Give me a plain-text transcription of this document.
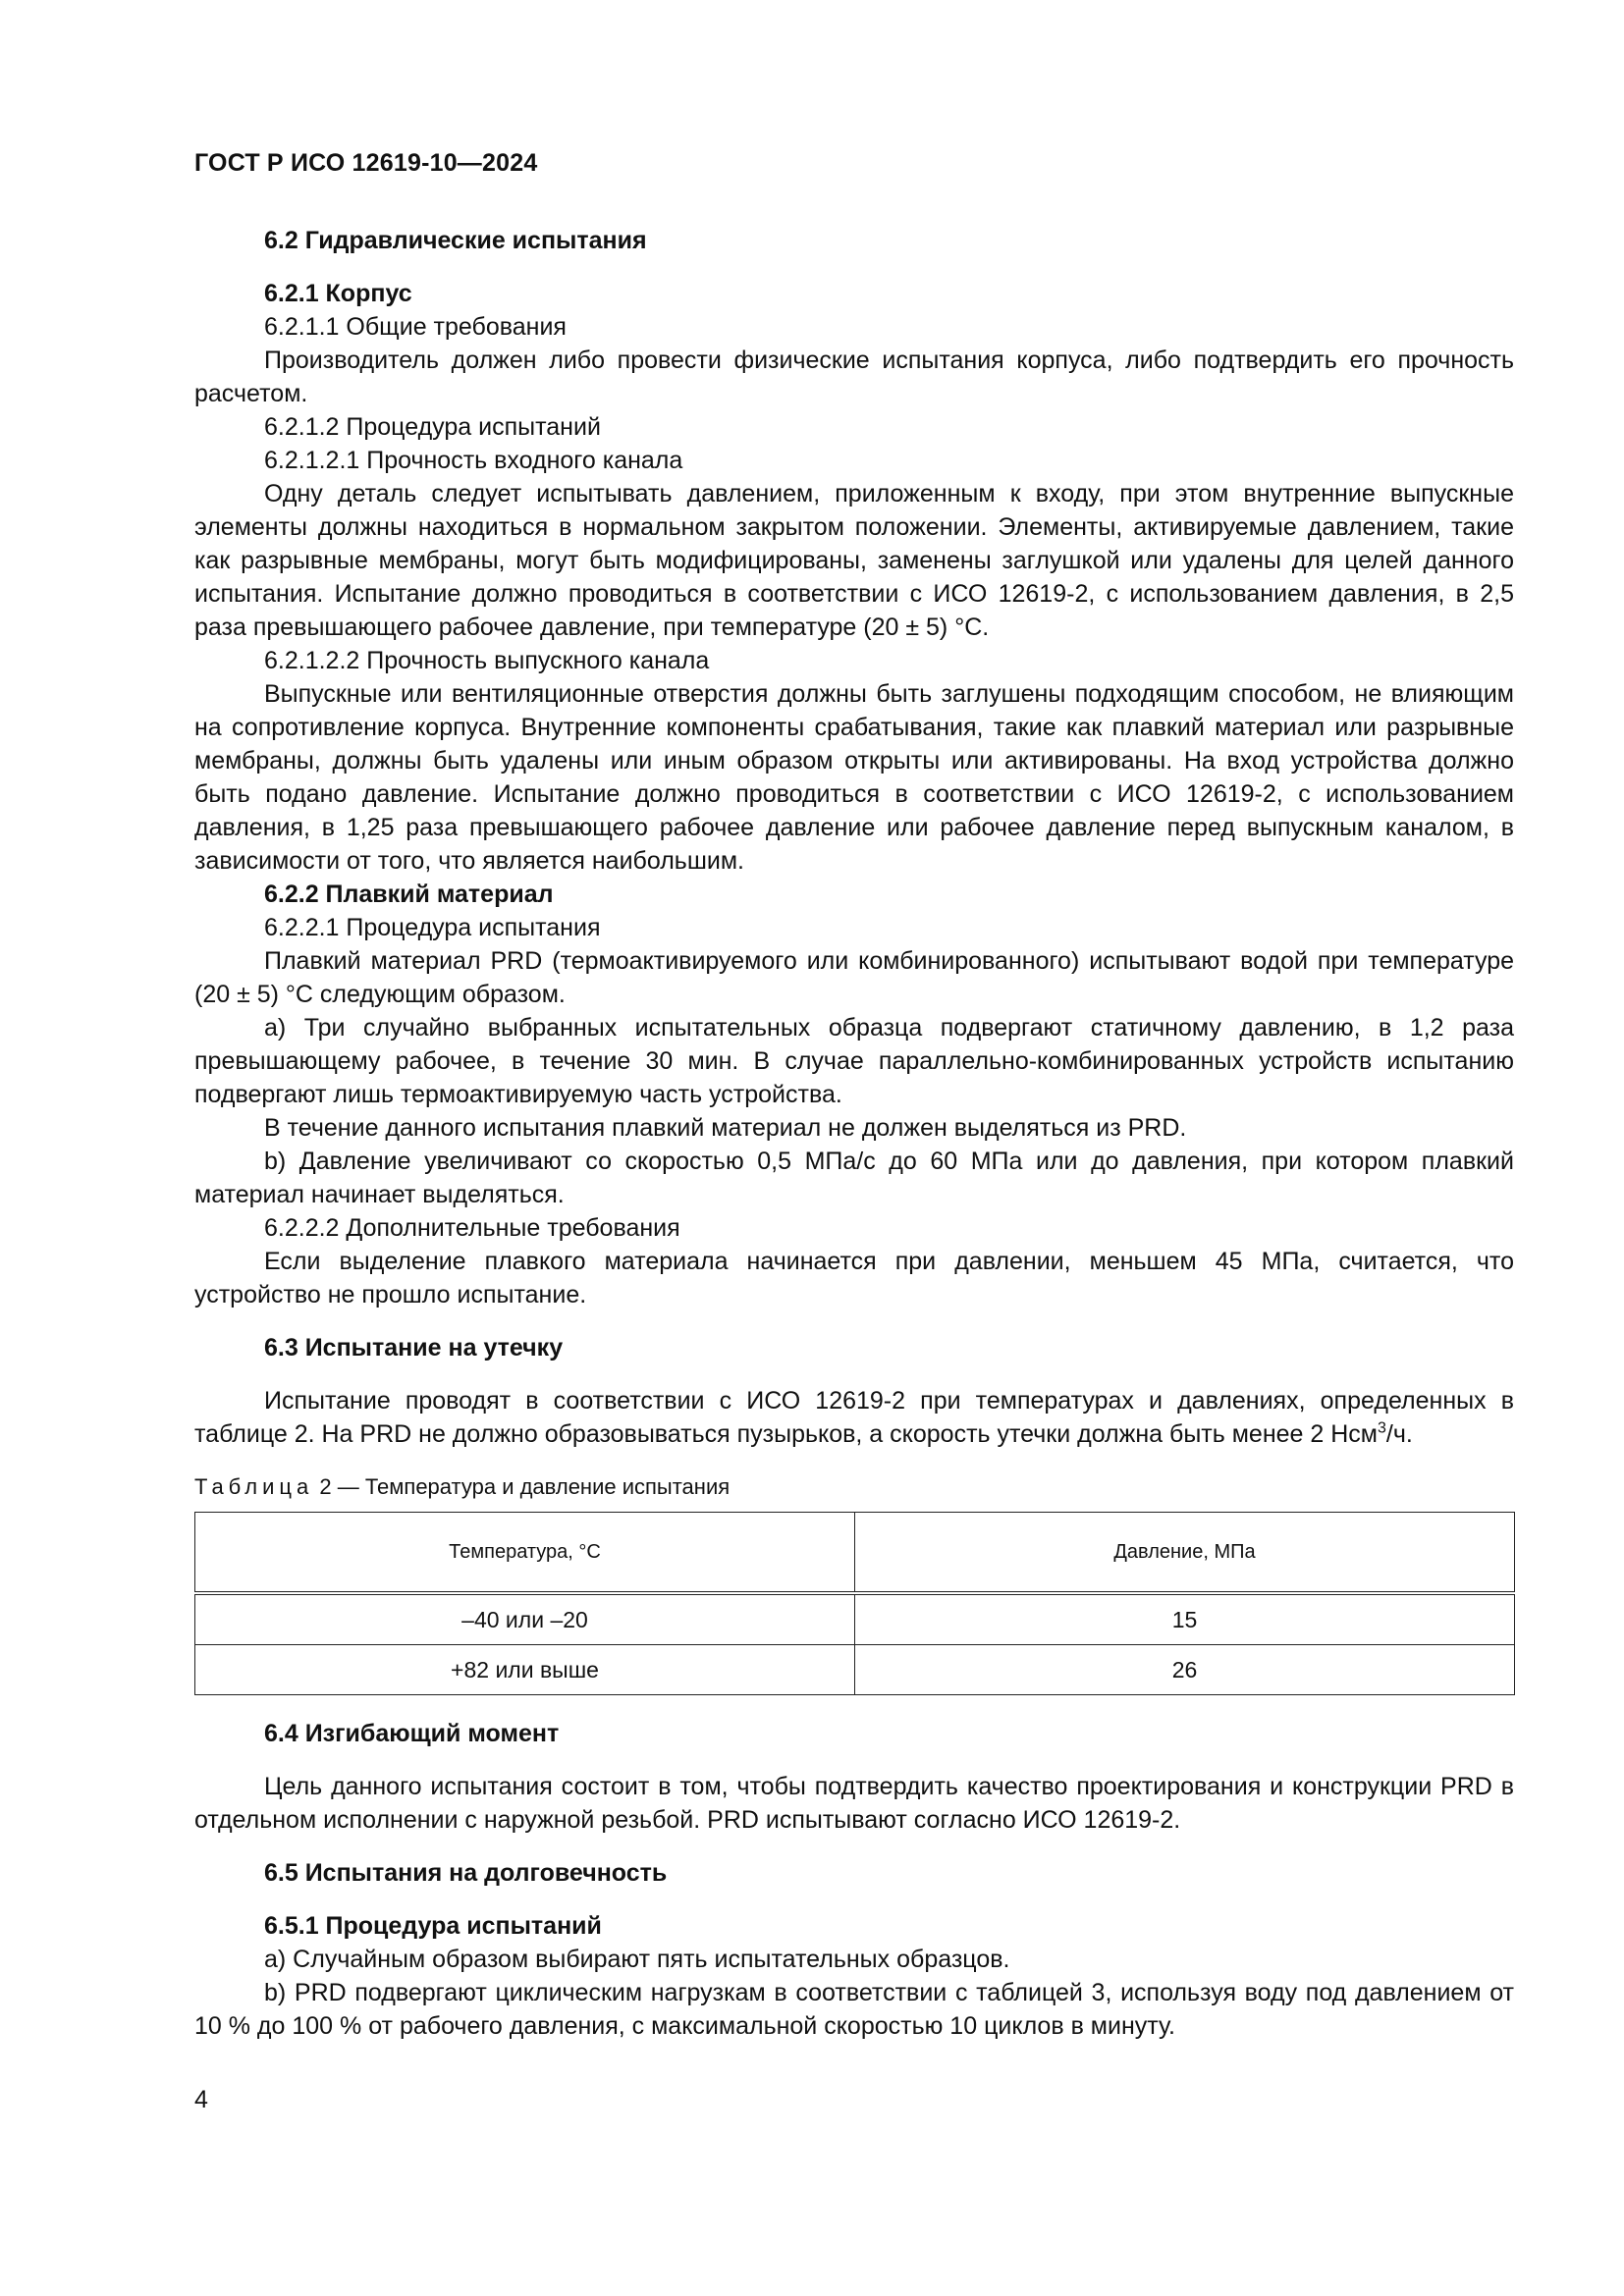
ГОСТ Р ИСО 12619-10—2024
6.2 Гидравлические испытания
6.2.1 Корпус
6.2.1.1 Общие требования

Производитель должен либо провести физические испытания корпуса, либо подтвердить его прочность расчетом.

6.2.1.2 Процедура испытаний
6.2.1.2.1 Прочность входного канала

Одну деталь следует испытывать давлением, приложенным к входу, при этом внутренние выпускные элементы должны находиться в нормальном закрытом положении. Элементы, активируемые давлением, такие как разрывные мембраны, могут быть модифицированы, заменены заглушкой или удалены для целей данного испытания. Испытание должно проводиться в соответствии с ИСО 12619-2, с использованием давления, в 2,5 раза превышающего рабочее давление, при температуре (20 ± 5) °С.

6.2.1.2.2 Прочность выпускного канала

Выпускные или вентиляционные отверстия должны быть заглушены подходящим способом, не влияющим на сопротивление корпуса. Внутренние компоненты срабатывания, такие как плавкий материал или разрывные мембраны, должны быть удалены или иным образом открыты или активированы. На вход устройства должно быть подано давление. Испытание должно проводиться в соответствии с ИСО 12619-2, с использованием давления, в 1,25 раза превышающего рабочее давление или рабочее давление перед выпускным каналом, в зависимости от того, что является наибольшим.

6.2.2 Плавкий материал
6.2.2.1 Процедура испытания

Плавкий материал PRD (термоактивируемого или комбинированного) испытывают водой при температуре (20 ± 5) °С следующим образом.

а) Три случайно выбранных испытательных образца подвергают статичному давлению, в 1,2 раза превышающему рабочее, в течение 30 мин. В случае параллельно-комбинированных устройств испытанию подвергают лишь термоактивируемую часть устройства.

В течение данного испытания плавкий материал не должен выделяться из PRD.

b) Давление увеличивают со скоростью 0,5 МПа/с до 60 МПа или до давления, при котором плавкий материал начинает выделяться.

6.2.2.2 Дополнительные требования

Если выделение плавкого материала начинается при давлении, меньшем 45 МПа, считается, что устройство не прошло испытание.

6.3 Испытание на утечку

Испытание проводят в соответствии с ИСО 12619-2 при температурах и давлениях, определенных в таблице 2. На PRD не должно образовываться пузырьков, а скорость утечки должна быть менее 2 Нсм$^3$/ч.

Таблица 2 — Температура и давление испытания
Температура, °С	Давление, МПа
–40 или –20	15
+82 или выше	26
6.4 Изгибающий момент

Цель данного испытания состоит в том, чтобы подтвердить качество проектирования и конструкции PRD в отдельном исполнении с наружной резьбой. PRD испытывают согласно ИСО 12619-2.

6.5 Испытания на долговечность
6.5.1 Процедура испытаний

а) Случайным образом выбирают пять испытательных образцов.

b) PRD подвергают циклическим нагрузкам в соответствии с таблицей 3, используя воду под давлением от 10 % до 100 % от рабочего давления, с максимальной скоростью 10 циклов в минуту.

4
